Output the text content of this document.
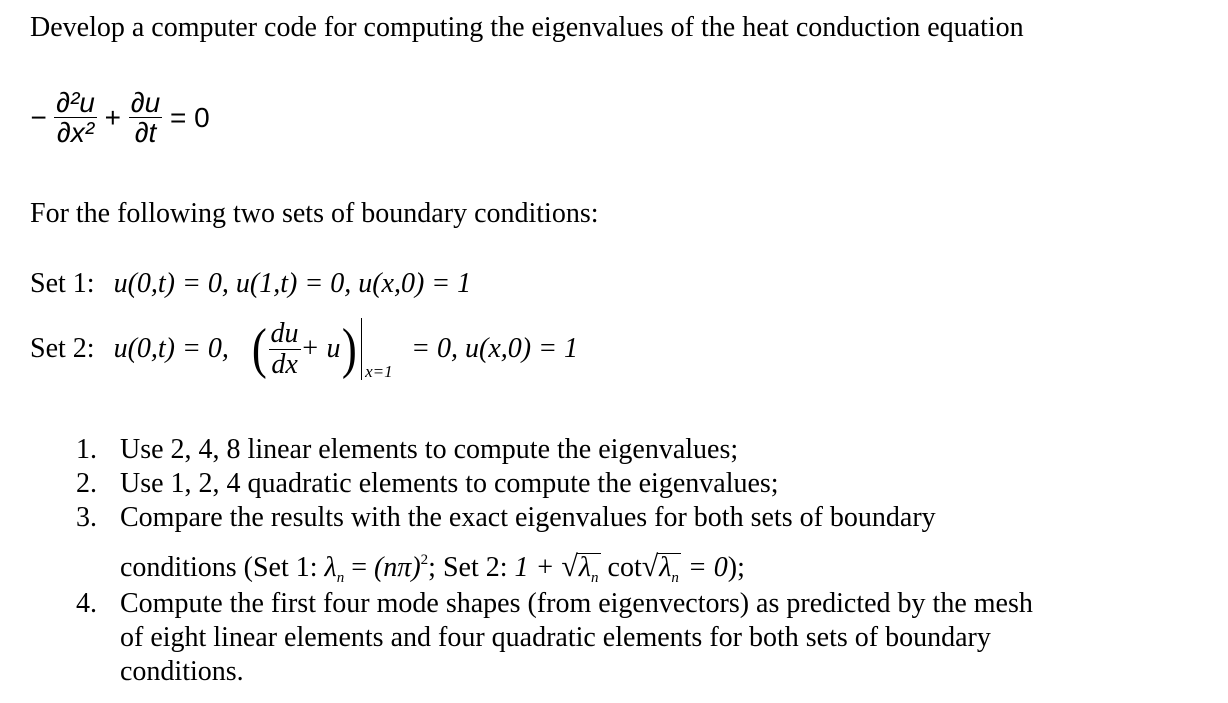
Develop a computer code for computing the eigenvalues of the heat conduction equation
− $\frac{\text{∂²u}}{\text{∂x²}} + \frac{\partial u}{\partial t} = 0$
For the following two sets of boundary conditions:
Set 1: u(0,t) = 0, u(1,t) = 0, u(x,0) = 1
Set 2: u(0,t) = 0, ( $\frac{du}{dx} + u$) x=1
= 0, u(x,0) = 1
1. Use 2, 4, 8 linear elements to compute the eigenvalues;
2. Use 1, 2, 4 quadratic elements to compute the eigenvalues;
3. Compare the results with the exact eigenvalues for both sets of boundary
conditions (Set 1: $\lambda_n = (n\pi)^2$; Set 2: $1 + √\lambda_n$ $\cot√\lambda_n = 0$);
4. Compute the first four mode shapes (from eigenvectors) as predicted by the mesh
of eight linear elements and four quadratic elements for both sets of boundary
conditions.
